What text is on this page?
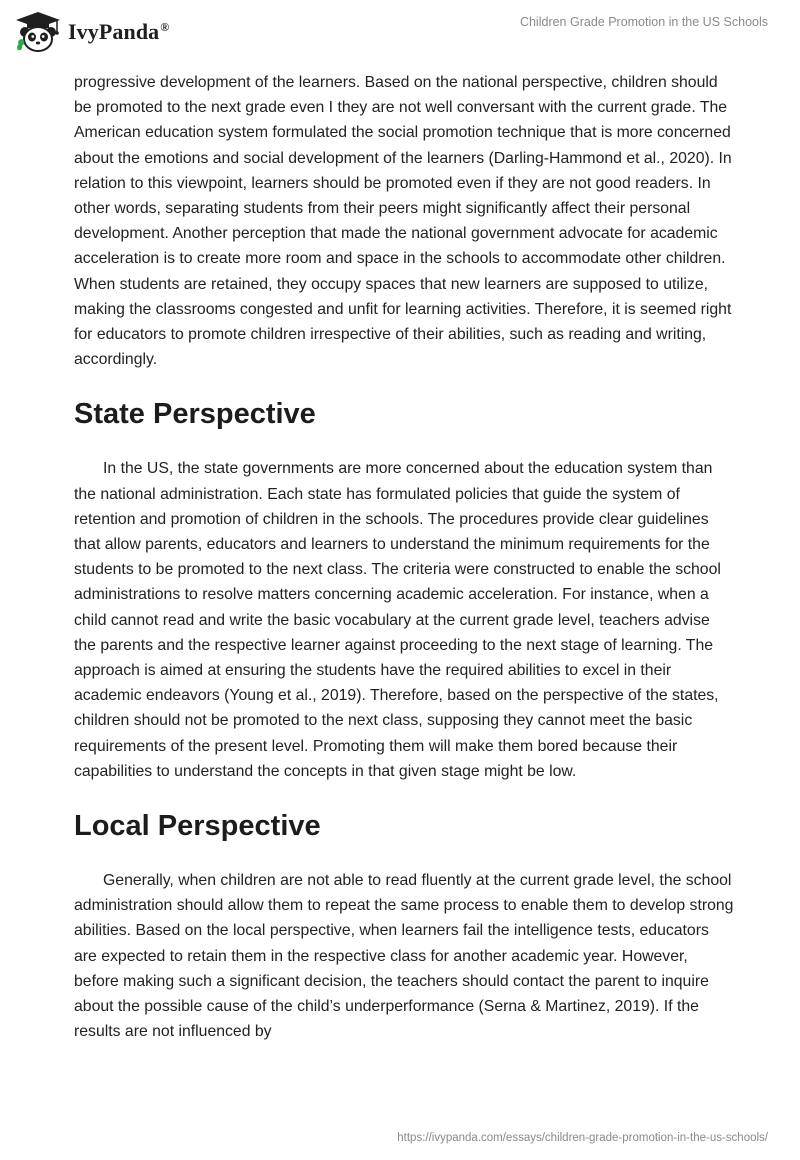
IvyPanda®	Children Grade Promotion in the US Schools

progressive development of the learners. Based on the national perspective, children should be promoted to the next grade even I they are not well conversant with the current grade. The American education system formulated the social promotion technique that is more concerned about the emotions and social development of the learners (Darling-Hammond et al., 2020). In relation to this viewpoint, learners should be promoted even if they are not good readers. In other words, separating students from their peers might significantly affect their personal development. Another perception that made the national government advocate for academic acceleration is to create more room and space in the schools to accommodate other children. When students are retained, they occupy spaces that new learners are supposed to utilize, making the classrooms congested and unfit for learning activities. Therefore, it is seemed right for educators to promote children irrespective of their abilities, such as reading and writing, accordingly.

State Perspective

In the US, the state governments are more concerned about the education system than the national administration. Each state has formulated policies that guide the system of retention and promotion of children in the schools. The procedures provide clear guidelines that allow parents, educators and learners to understand the minimum requirements for the students to be promoted to the next class. The criteria were constructed to enable the school administrations to resolve matters concerning academic acceleration. For instance, when a child cannot read and write the basic vocabulary at the current grade level, teachers advise the parents and the respective learner against proceeding to the next stage of learning. The approach is aimed at ensuring the students have the required abilities to excel in their academic endeavors (Young et al., 2019). Therefore, based on the perspective of the states, children should not be promoted to the next class, supposing they cannot meet the basic requirements of the present level. Promoting them will make them bored because their capabilities to understand the concepts in that given stage might be low.

Local Perspective

Generally, when children are not able to read fluently at the current grade level, the school administration should allow them to repeat the same process to enable them to develop strong abilities. Based on the local perspective, when learners fail the intelligence tests, educators are expected to retain them in the respective class for another academic year. However, before making such a significant decision, the teachers should contact the parent to inquire about the possible cause of the child’s underperformance (Serna & Martinez, 2019). If the results are not influenced by

https://ivypanda.com/essays/children-grade-promotion-in-the-us-schools/
